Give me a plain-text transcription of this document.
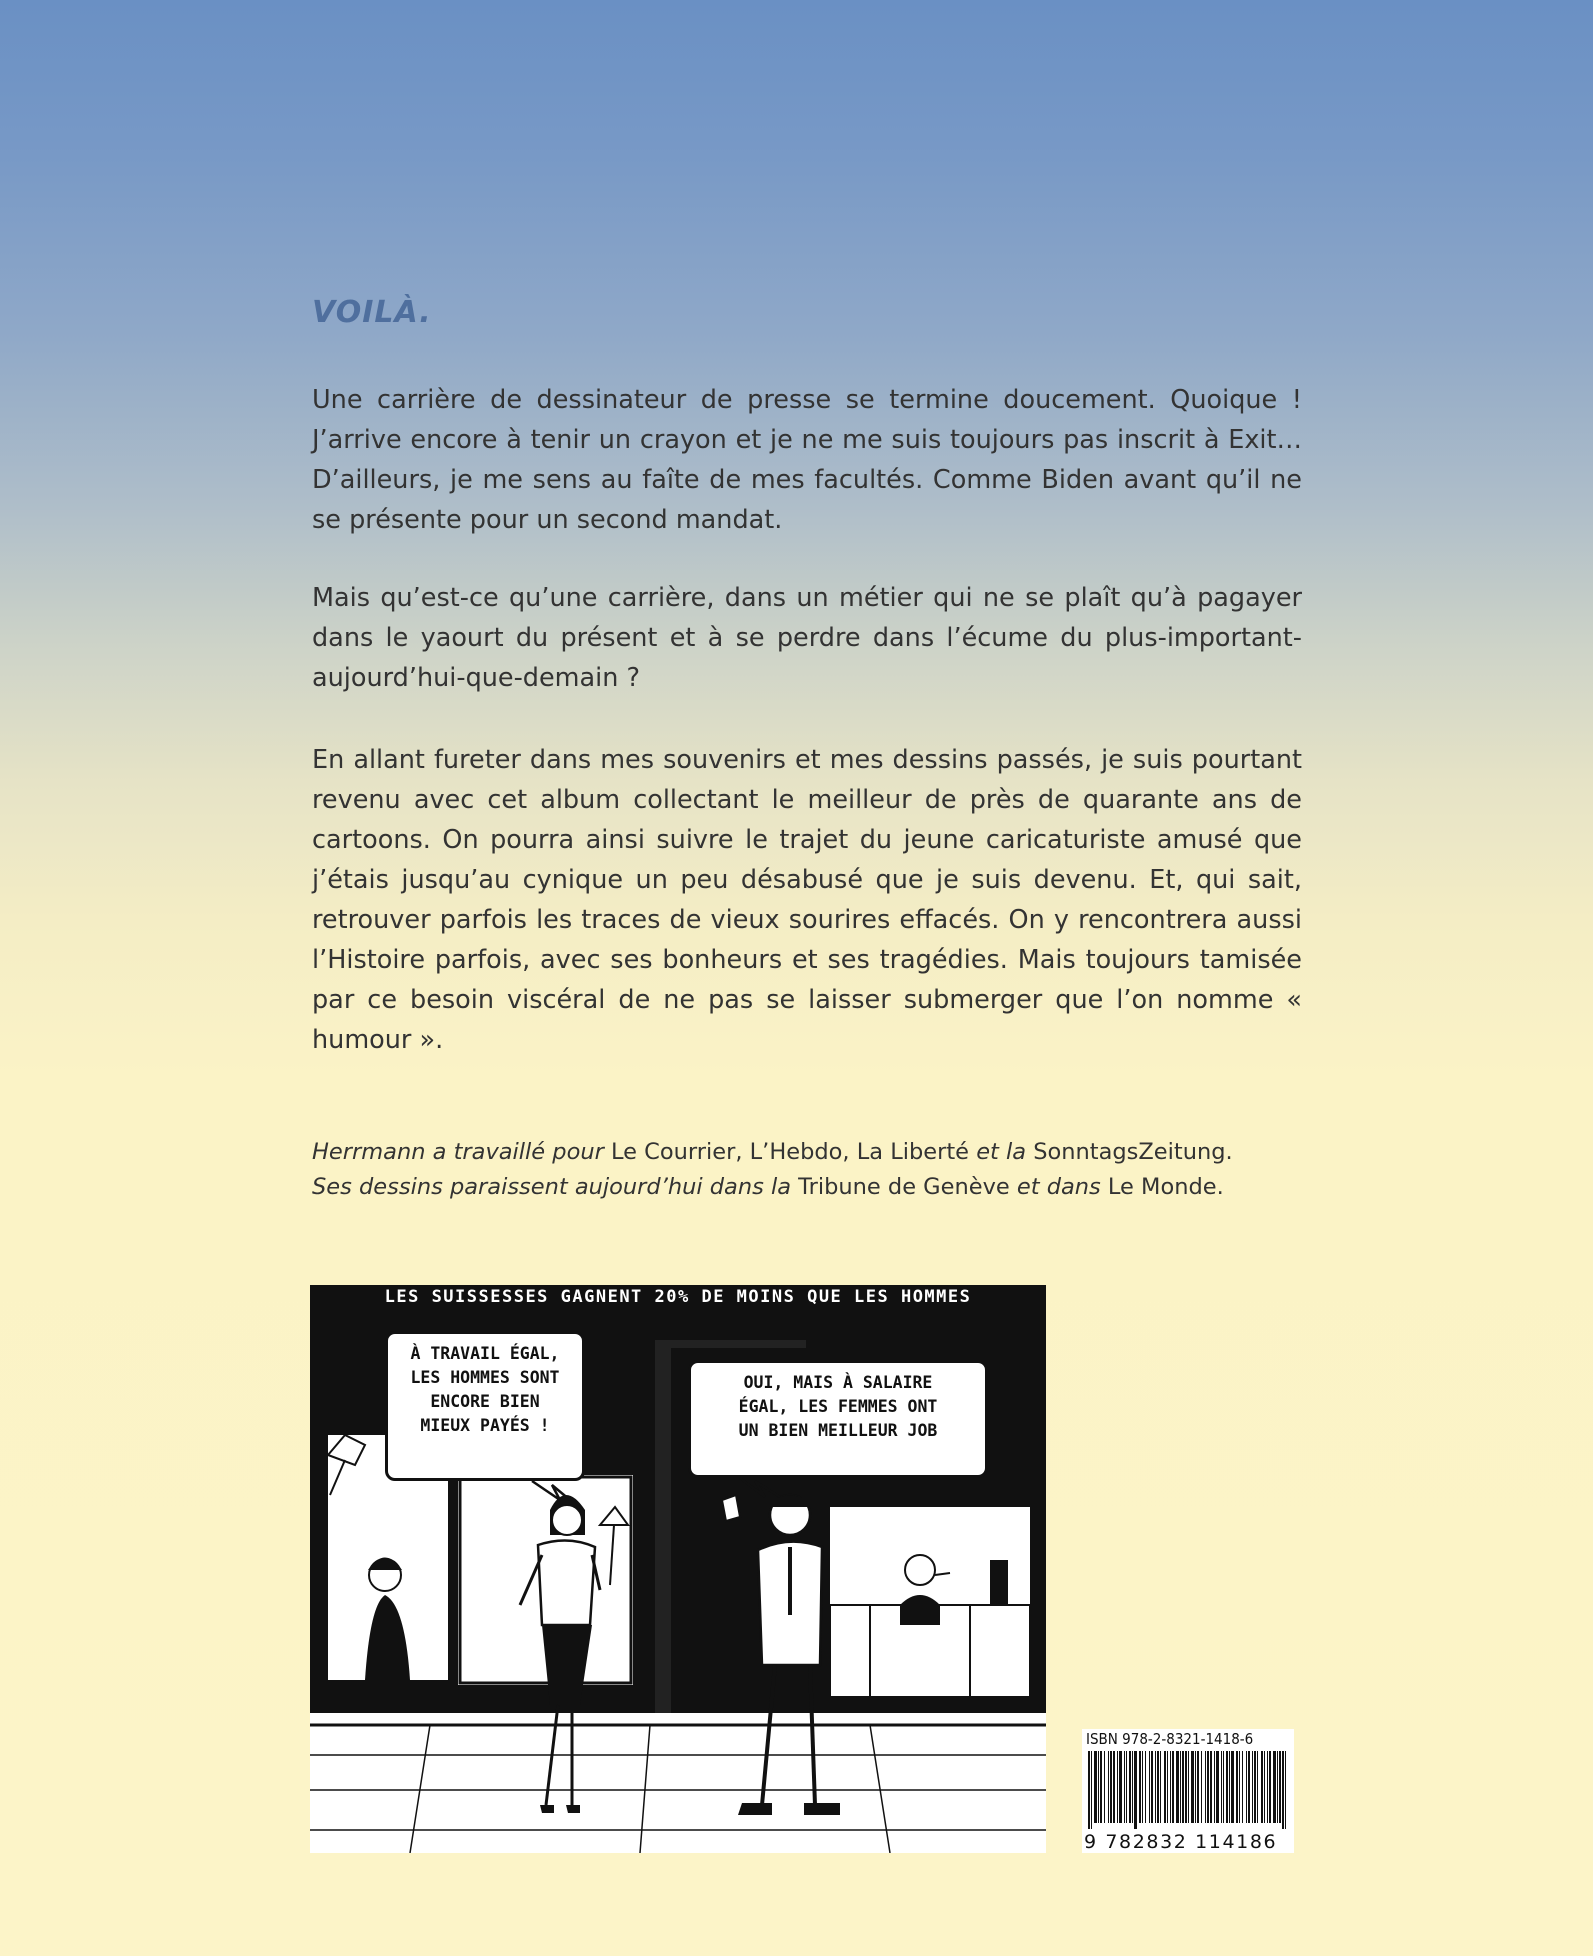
VOILÀ.

Une carrière de dessinateur de presse se termine doucement. Quoique ! J’arrive encore à tenir un crayon et je ne me suis toujours pas inscrit à Exit… D’ailleurs, je me sens au faîte de mes facultés. Comme Biden avant qu’il ne se présente pour un second mandat.

Mais qu’est-ce qu’une carrière, dans un métier qui ne se plaît qu’à pagayer dans le yaourt du présent et à se perdre dans l’écume du plus-important-aujourd’hui-que-demain ?

En allant fureter dans mes souvenirs et mes dessins passés, je suis pourtant revenu avec cet album collectant le meilleur de près de quarante ans de cartoons. On pourra ainsi suivre le trajet du jeune caricaturiste amusé que j’étais jusqu’au cynique un peu désabusé que je suis devenu. Et, qui sait, retrouver parfois les traces de vieux sourires effacés. On y rencontrera aussi l’Histoire parfois, avec ses bonheurs et ses tragédies. Mais toujours tamisée par ce besoin viscéral de ne pas se laisser submerger que l’on nomme « humour ».

Herrmann a travaillé pour Le Courrier, L’Hebdo, La Liberté et la SonntagsZeitung.
Ses dessins paraissent aujourd’hui dans la Tribune de Genève et dans Le Monde.
LES SUISSESSES GAGNENT 20% DE MOINS QUE LES HOMMES
À TRAVAIL ÉGAL,
LES HOMMES SONT
ENCORE BIEN
MIEUX PAYÉS !
OUI, MAIS À SALAIRE
ÉGAL, LES FEMMES ONT
UN BIEN MEILLEUR JOB
ISBN 978-2-8321-1418-6
9 782832 114186
